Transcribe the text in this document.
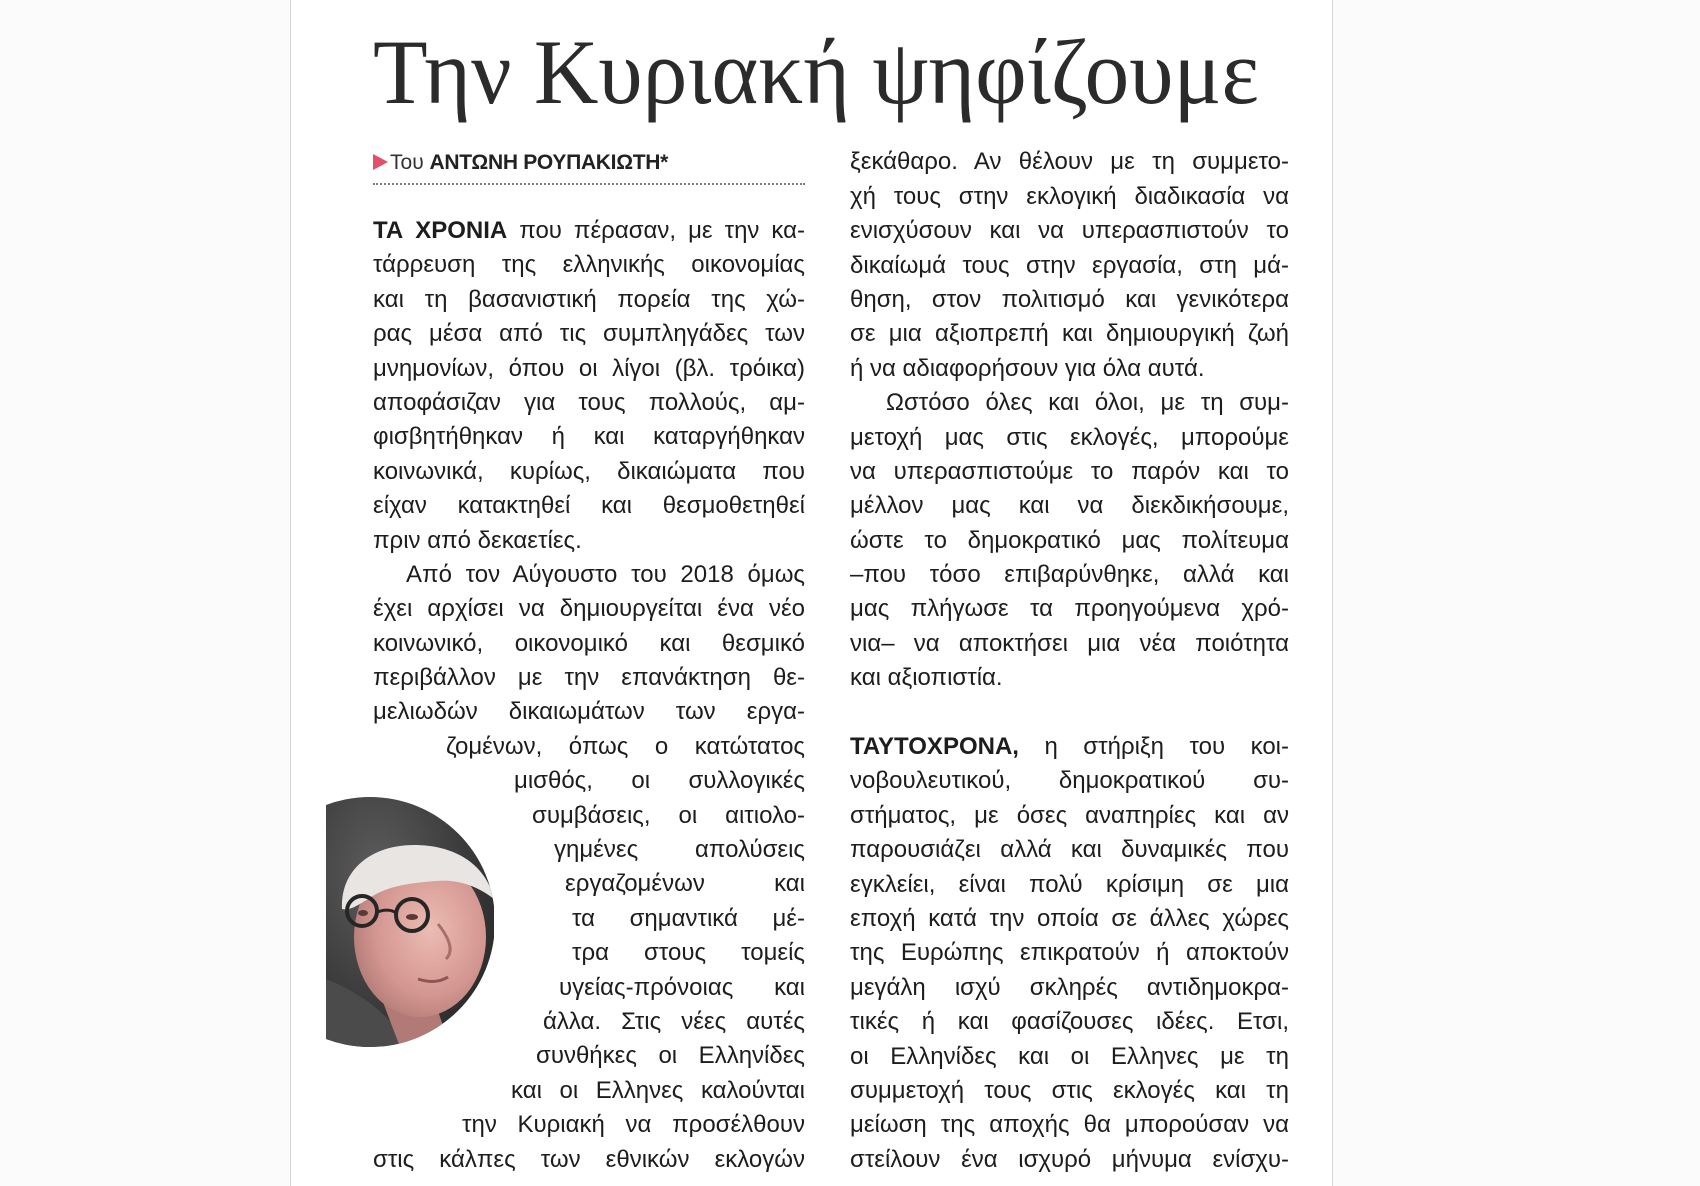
Την Κυριακή ψηφίζουμε
Του ΑΝΤΩΝΗ ΡΟΥΠΑΚΙΩΤΗ*
ΤΑ ΧΡΟΝΙΑ που πέρασαν, με την κα-
τάρρευση της ελληνικής οικονομίας
και τη βασανιστική πορεία της χώ-
ρας μέσα από τις συμπληγάδες των
μνημονίων, όπου οι λίγοι (βλ. τρόικα)
αποφάσιζαν για τους πολλούς, αμ-
φισβητήθηκαν ή και καταργήθηκαν
κοινωνικά, κυρίως, δικαιώματα που
είχαν κατακτηθεί και θεσμοθετηθεί
πριν από δεκαετίες.
Από τον Αύγουστο του 2018 όμως
έχει αρχίσει να δημιουργείται ένα νέο
κοινωνικό, οικονομικό και θεσμικό
περιβάλλον με την επανάκτηση θε-
μελιωδών δικαιωμάτων των εργα-
ζομένων, όπως ο κατώτατος
μισθός, οι συλλογικές
συμβάσεις, οι αιτιολο-
γημένες απολύσεις
εργαζομένων και
τα σημαντικά μέ-
τρα στους τομείς
υγείας-πρόνοιας και
άλλα. Στις νέες αυτές
συνθήκες οι Ελληνίδες
και οι Ελληνες καλούνται
την Κυριακή να προσέλθουν
στις κάλπες των εθνικών εκλογών
ξεκάθαρο. Αν θέλουν με τη συμμετο-
χή τους στην εκλογική διαδικασία να
ενισχύσουν και να υπερασπιστούν το
δικαίωμά τους στην εργασία, στη μά-
θηση, στον πολιτισμό και γενικότερα
σε μια αξιοπρεπή και δημιουργική ζωή
ή να αδιαφορήσουν για όλα αυτά.
Ωστόσο όλες και όλοι, με τη συμ-
μετοχή μας στις εκλογές, μπορούμε
να υπερασπιστούμε το παρόν και το
μέλλον μας και να διεκδικήσουμε,
ώστε το δημοκρατικό μας πολίτευμα
–που τόσο επιβαρύνθηκε, αλλά και
μας πλήγωσε τα προηγούμενα χρό-
νια– να αποκτήσει μια νέα ποιότητα
και αξιοπιστία.
ΤΑΥΤΟΧΡΟΝΑ, η στήριξη του κοι-
νοβουλευτικού, δημοκρατικού συ-
στήματος, με όσες αναπηρίες και αν
παρουσιάζει αλλά και δυναμικές που
εγκλείει, είναι πολύ κρίσιμη σε μια
εποχή κατά την οποία σε άλλες χώρες
της Ευρώπης επικρατούν ή αποκτούν
μεγάλη ισχύ σκληρές αντιδημοκρα-
τικές ή και φασίζουσες ιδέες. Ετσι,
οι Ελληνίδες και οι Ελληνες με τη
συμμετοχή τους στις εκλογές και τη
μείωση της αποχής θα μπορούσαν να
στείλουν ένα ισχυρό μήνυμα ενίσχυ-
